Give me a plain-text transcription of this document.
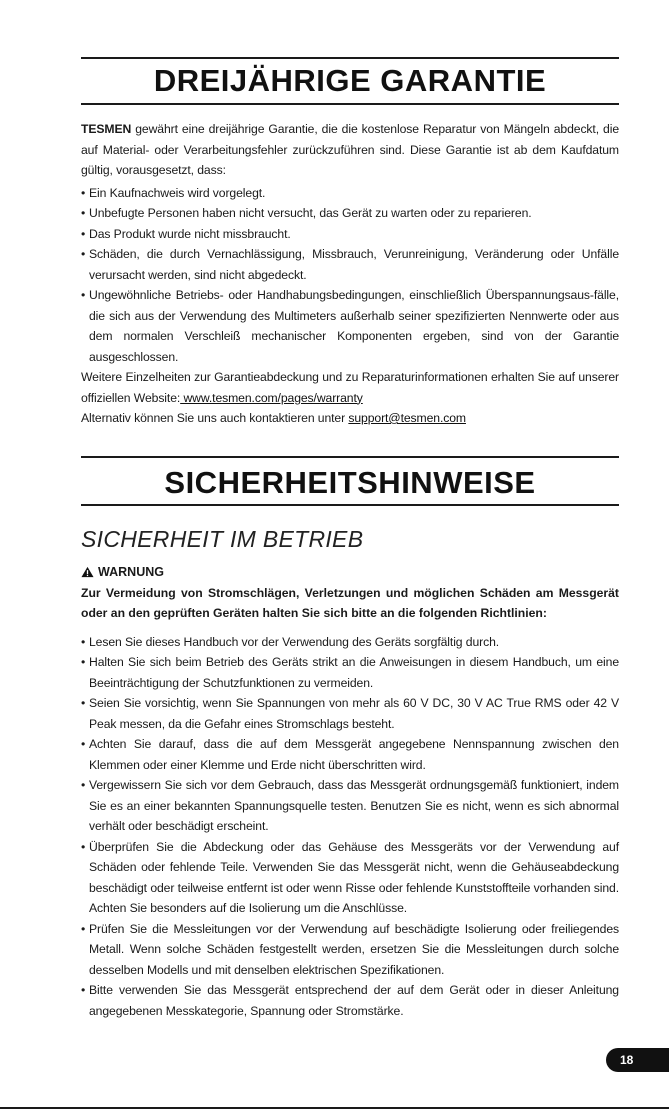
DREIJÄHRIGE GARANTIE

TESMEN gewährt eine dreijährige Garantie, die die kostenlose Reparatur von Mängeln abdeckt, die auf Material- oder Verarbeitungsfehler zurückzuführen sind. Diese Garantie ist ab dem Kaufdatum gültig, vorausgesetzt, dass:

• Ein Kaufnachweis wird vorgelegt.
• Unbefugte Personen haben nicht versucht, das Gerät zu warten oder zu reparieren.
• Das Produkt wurde nicht missbraucht.
• Schäden, die durch Vernachlässigung, Missbrauch, Verunreinigung, Veränderung oder Unfälle verursacht werden, sind nicht abgedeckt.
• Ungewöhnliche Betriebs- oder Handhabungsbedingungen, einschließlich Überspannungsaus-fälle, die sich aus der Verwendung des Multimeters außerhalb seiner spezifizierten Nennwerte oder aus dem normalen Verschleiß mechanischer Komponenten ergeben, sind von der Garantie ausgeschlossen.

Weitere Einzelheiten zur Garantieabdeckung und zu Reparaturinformationen erhalten Sie auf unserer offiziellen Website: www.tesmen.com/pages/warranty

Alternativ können Sie uns auch kontaktieren unter support@tesmen.com

SICHERHEITSHINWEISE
SICHERHEIT IM BETRIEB
WARNUNG

Zur Vermeidung von Stromschlägen, Verletzungen und möglichen Schäden am Messgerät oder an den geprüften Geräten halten Sie sich bitte an die folgenden Richtlinien:

• Lesen Sie dieses Handbuch vor der Verwendung des Geräts sorgfältig durch.
• Halten Sie sich beim Betrieb des Geräts strikt an die Anweisungen in diesem Handbuch, um eine Beeinträchtigung der Schutzfunktionen zu vermeiden.
• Seien Sie vorsichtig, wenn Sie Spannungen von mehr als 60 V DC, 30 V AC True RMS oder 42 V Peak messen, da die Gefahr eines Stromschlags besteht.
• Achten Sie darauf, dass die auf dem Messgerät angegebene Nennspannung zwischen den Klemmen oder einer Klemme und Erde nicht überschritten wird.
• Vergewissern Sie sich vor dem Gebrauch, dass das Messgerät ordnungsgemäß funktioniert, indem Sie es an einer bekannten Spannungsquelle testen. Benutzen Sie es nicht, wenn es sich abnormal verhält oder beschädigt erscheint.
• Überprüfen Sie die Abdeckung oder das Gehäuse des Messgeräts vor der Verwendung auf Schäden oder fehlende Teile. Verwenden Sie das Messgerät nicht, wenn die Gehäuseabdeckung beschädigt oder teilweise entfernt ist oder wenn Risse oder fehlende Kunststoffteile vorhanden sind. Achten Sie besonders auf die Isolierung um die Anschlüsse.
• Prüfen Sie die Messleitungen vor der Verwendung auf beschädigte Isolierung oder freiliegendes Metall. Wenn solche Schäden festgestellt werden, ersetzen Sie die Messleitungen durch solche desselben Modells und mit denselben elektrischen Spezifikationen.
• Bitte verwenden Sie das Messgerät entsprechend der auf dem Gerät oder in dieser Anleitung angegebenen Messkategorie, Spannung oder Stromstärke.
18
